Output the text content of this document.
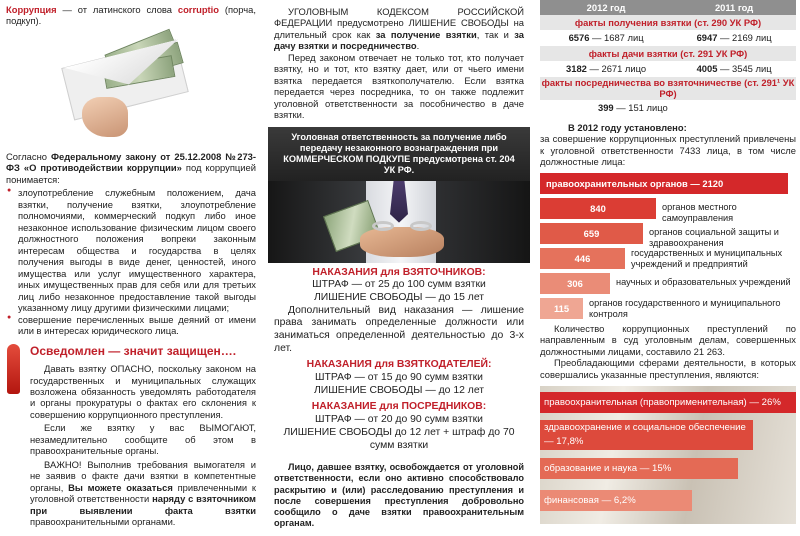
Коррупция — от латинского слова corruptio (порча, подкуп).

Согласно Федеральному закону от 25.12.2008 №273-ФЗ «О противодействии коррупции» под коррупцией понимается:

● злоупотребление служебным положением, дача взятки, получение взятки, злоупотребление полномочиями, коммерческий подкуп либо иное незаконное использование физическим лицом своего должностного положения вопреки законным интересам общества и государства в целях получения выгоды в виде денег, ценностей, иного имущества или услуг имущественного характера, иных имущественных прав для себя или для третьих лиц либо незаконное предоставление такой выгоды указанному лицу другими физическими лицами;
● совершение перечисленных выше деяний от имени или в интересах юридического лица.
Осведомлен — значит защищен….

Давать взятку ОПАСНО, поскольку законом на государственных и муниципальных служащих возложена обязанность уведомлять работодателя и органы прокуратуры о фактах его склонения к совершению коррупционного преступления.

Если же взятку у вас ВЫМОГАЮТ, незамедлительно сообщите об этом в правоохранительные органы.

ВАЖНО! Выполнив требования вымогателя и не заявив о факте дачи взятки в компетентные органы, Вы можете оказаться привлеченными к уголовной ответственности наряду с взяточником при выявлении факта взятки правоохранительными органами.

УГОЛОВНЫМ КОДЕКСОМ РОССИЙСКОЙ ФЕДЕРАЦИИ предусмотрено ЛИШЕНИЕ СВОБОДЫ на длительный срок как за получение взятки, так и за дачу взятки и посредничество.

Перед законом отвечает не только тот, кто получает взятку, но и тот, кто взятку дает, или от чьего имени взятка передается взяткополучателю. Если взятка передается через посредника, то он также подлежит уголовной ответственности за пособничество в даче взятки.

Уголовная ответственность за получение либо передачу незаконного вознаграждения при КОММЕРЧЕСКОМ ПОДКУПЕ предусмотрена ст. 204 УК РФ.
НАКАЗАНИЯ для ВЗЯТОЧНИКОВ:
ШТРАФ — от 25 до 100 сумм взятки
ЛИШЕНИЕ СВОБОДЫ — до 15 лет

Дополнительный вид наказания — лишение права занимать определенные должности или заниматься определенной деятельностью до 3-х лет.

НАКАЗАНИЯ для ВЗЯТКОДАТЕЛЕЙ:
ШТРАФ — от 15 до 90 сумм взятки
ЛИШЕНИЕ СВОБОДЫ — до 12 лет
НАКАЗАНИЕ для ПОСРЕДНИКОВ:
ШТРАФ — от 20 до 90 сумм взятки
ЛИШЕНИЕ СВОБОДЫ до 12 лет + штраф до 70 сумм взятки

Лицо, давшее взятку, освобождается от уголовной ответственности, если оно активно способствовало раскрытию и (или) расследованию преступления и после совершения преступления добровольно сообщило о даче взятки правоохранительным органам.

2012 год	2011 год
факты получения взятки (ст. 290 УК РФ)	
6576 — 1687 лиц	6947 — 2169 лиц
факты дачи взятки (ст. 291 УК РФ)	
3182 — 2671 лицо	4005 — 3545 лиц
факты посредничества во взяточничестве (ст. 291¹ УК РФ)	
399 — 151 лицо	
В 2012 году установлено:

за совершение коррупционных преступлений привлечены к уголовной ответственности 7433 лица, в том числе должностные лица:

правоохранительных органов — 2120
840	органов местного самоуправления
659	органов социальной защиты и здравоохранения
446	государственных и муниципальных учреждений и предприятий
306	научных и образовательных учреждений
115	органов государственного и муниципального контроля

Количество коррупционных преступлений по направленным в суд уголовным делам, совершенных должностными лицами, составило 21 263.

Преобладающими сферами деятельности, в которых совершались указанные преступления, являются:

правоохранительная (правоприменительная) — 26%
здравоохранение и социальное обеспечение — 17,8%
образование и наука — 15%
финансовая — 6,2%
